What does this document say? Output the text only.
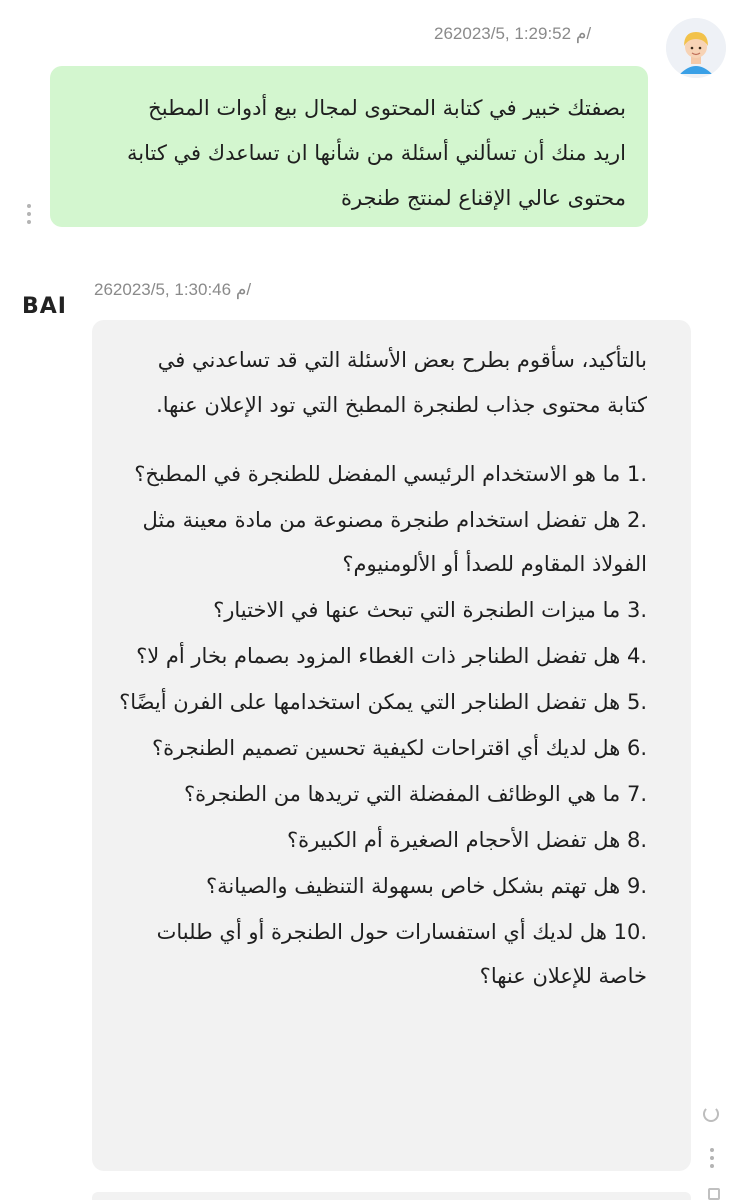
26م 1:29:52 ,2023/5/
بصفتك خبير في كتابة المحتوى لمجال بيع أدوات المطبخ
اريد منك أن تسألني أسئلة من شأنها ان تساعدك في كتابة
محتوى عالي الإقناع لمنتج طنجرة
26م 1:30:46 ,2023/5/
BAI
بالتأكيد، سأقوم بطرح بعض الأسئلة التي قد تساعدني في
كتابة محتوى جذاب لطنجرة المطبخ التي تود الإعلان عنها.
1. ما هو الاستخدام الرئيسي المفضل للطنجرة في المطبخ؟
2. هل تفضل استخدام طنجرة مصنوعة من مادة معينة مثل الفولاذ المقاوم للصدأ أو الألومنيوم؟
3. ما ميزات الطنجرة التي تبحث عنها في الاختيار؟
4. هل تفضل الطناجر ذات الغطاء المزود بصمام بخار أم لا؟
5. هل تفضل الطناجر التي يمكن استخدامها على الفرن أيضًا؟
6. هل لديك أي اقتراحات لكيفية تحسين تصميم الطنجرة؟
7. ما هي الوظائف المفضلة التي تريدها من الطنجرة؟
8. هل تفضل الأحجام الصغيرة أم الكبيرة؟
9. هل تهتم بشكل خاص بسهولة التنظيف والصيانة؟
10. هل لديك أي استفسارات حول الطنجرة أو أي طلبات خاصة للإعلان عنها؟
